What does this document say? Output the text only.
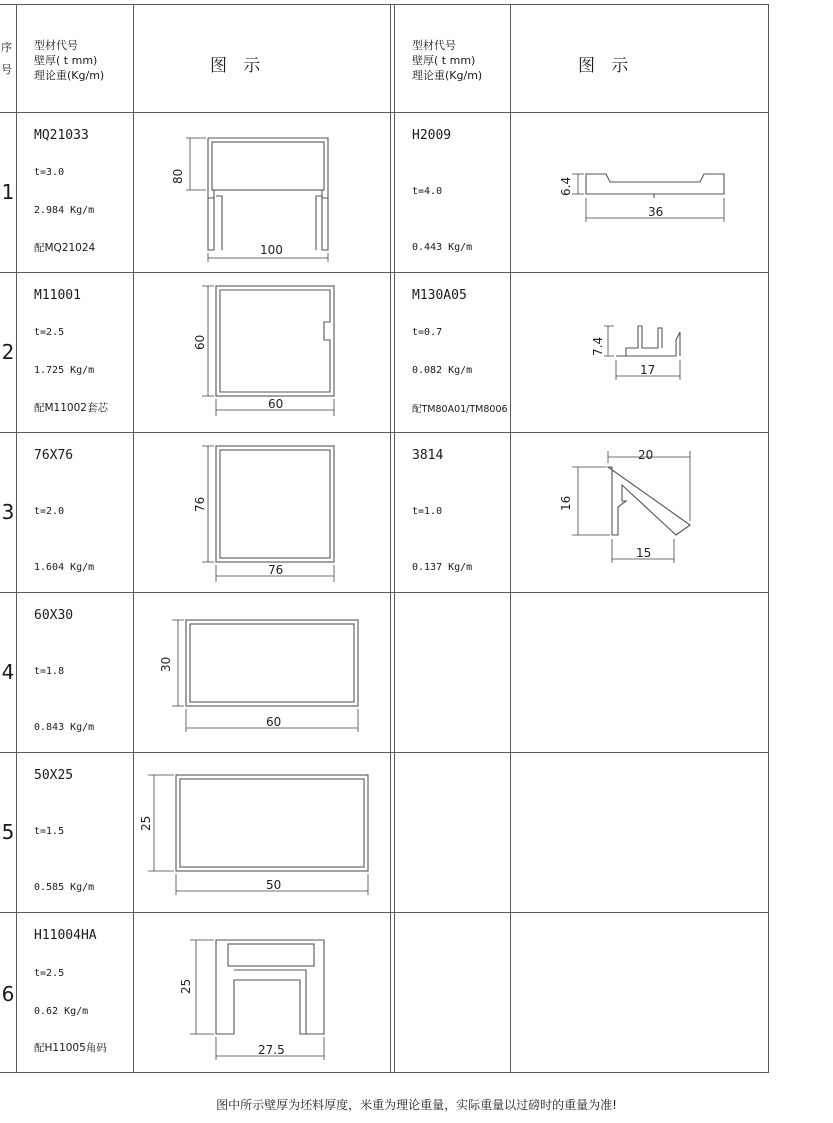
序
号
型材代号
壁厚( t mm)
理论重(Kg/m)	图   示
型材代号
壁厚( t mm)
理论重(Kg/m)	图   示
1
2
3
4
5
6
MQ21033
t=3.0
2.984 Kg/m
配MQ21024
H2009
t=4.0
0.443 Kg/m
M11001
t=2.5
1.725 Kg/m
配M11002套芯
M130A05
t=0.7
0.082 Kg/m
配TM80A01/TM8006
76X76
t=2.0
1.604 Kg/m
3814
t=1.0
0.137 Kg/m
60X30
t=1.8
0.843 Kg/m
50X25
t=1.5
0.585 Kg/m
H11004HA
t=2.5
0.62 Kg/m
配H11005角码
80
100
6.4
36
60
60
7.4
17
76
76
20
16
15
30
60
25
50
25
27.5
图中所示壁厚为坯料厚度，米重为理论重量，实际重量以过磅时的重量为准!
